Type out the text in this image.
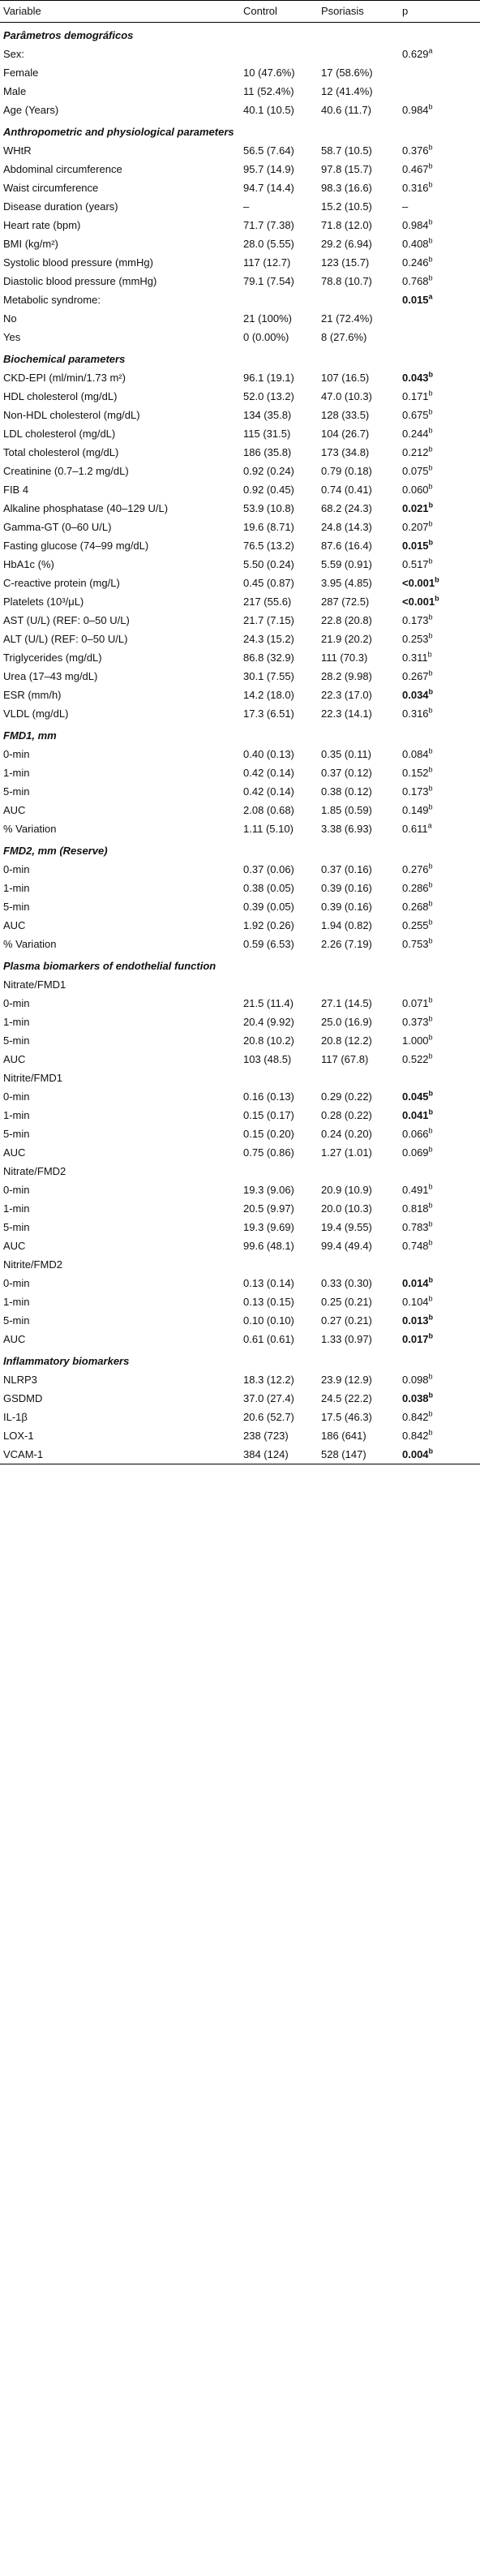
Variable	Control	Psoriasis	p
Parâmetros demográficos			
Sex:			0.629$^a$
Female	10 (47.6%)	17 (58.6%)	
Male	11 (52.4%)	12 (41.4%)	
Age (Years)	40.1 (10.5)	40.6 (11.7)	0.984$^b$
Anthropometric and physiological parameters			
WHtR	56.5 (7.64)	58.7 (10.5)	0.376$^b$
Abdominal circumference	95.7 (14.9)	97.8 (15.7)	0.467$^b$
Waist circumference	94.7 (14.4)	98.3 (16.6)	0.316$^b$
Disease duration (years)	–	15.2 (10.5)	–
Heart rate (bpm)	71.7 (7.38)	71.8 (12.0)	0.984$^b$
BMI (kg/m²)	28.0 (5.55)	29.2 (6.94)	0.408$^b$
Systolic blood pressure (mmHg)	117 (12.7)	123 (15.7)	0.246$^b$
Diastolic blood pressure (mmHg)	79.1 (7.54)	78.8 (10.7)	0.768$^b$
Metabolic syndrome:			0.015$^a$
No	21 (100%)	21 (72.4%)	
Yes	0 (0.00%)	8 (27.6%)	
Biochemical parameters			
CKD-EPI (ml/min/1.73 m²)	96.1 (19.1)	107 (16.5)	0.043$^b$
HDL cholesterol (mg/dL)	52.0 (13.2)	47.0 (10.3)	0.171$^b$
Non-HDL cholesterol (mg/dL)	134 (35.8)	128 (33.5)	0.675$^b$
LDL cholesterol (mg/dL)	115 (31.5)	104 (26.7)	0.244$^b$
Total cholesterol (mg/dL)	186 (35.8)	173 (34.8)	0.212$^b$
Creatinine (0.7–1.2 mg/dL)	0.92 (0.24)	0.79 (0.18)	0.075$^b$
FIB 4	0.92 (0.45)	0.74 (0.41)	0.060$^b$
Alkaline phosphatase (40–129 U/L)	53.9 (10.8)	68.2 (24.3)	0.021$^b$
Gamma-GT (0–60 U/L)	19.6 (8.71)	24.8 (14.3)	0.207$^b$
Fasting glucose (74–99 mg/dL)	76.5 (13.2)	87.6 (16.4)	0.015$^b$
HbA1c (%)	5.50 (0.24)	5.59 (0.91)	0.517$^b$
C-reactive protein (mg/L)	0.45 (0.87)	3.95 (4.85)	<0.001$^b$
Platelets (10³/μL)	217 (55.6)	287 (72.5)	<0.001$^b$
AST (U/L) (REF: 0–50 U/L)	21.7 (7.15)	22.8 (20.8)	0.173$^b$
ALT (U/L) (REF: 0–50 U/L)	24.3 (15.2)	21.9 (20.2)	0.253$^b$
Triglycerides (mg/dL)	86.8 (32.9)	111 (70.3)	0.311$^b$
Urea (17–43 mg/dL)	30.1 (7.55)	28.2 (9.98)	0.267$^b$
ESR (mm/h)	14.2 (18.0)	22.3 (17.0)	0.034$^b$
VLDL (mg/dL)	17.3 (6.51)	22.3 (14.1)	0.316$^b$
FMD1, mm			
0-min	0.40 (0.13)	0.35 (0.11)	0.084$^b$
1-min	0.42 (0.14)	0.37 (0.12)	0.152$^b$
5-min	0.42 (0.14)	0.38 (0.12)	0.173$^b$
AUC	2.08 (0.68)	1.85 (0.59)	0.149$^b$
% Variation	1.11 (5.10)	3.38 (6.93)	0.611$^a$
FMD2, mm (Reserve)			
0-min	0.37 (0.06)	0.37 (0.16)	0.276$^b$
1-min	0.38 (0.05)	0.39 (0.16)	0.286$^b$
5-min	0.39 (0.05)	0.39 (0.16)	0.268$^b$
AUC	1.92 (0.26)	1.94 (0.82)	0.255$^b$
% Variation	0.59 (6.53)	2.26 (7.19)	0.753$^b$
Plasma biomarkers of endothelial function			
Nitrate/FMD1			
0-min	21.5 (11.4)	27.1 (14.5)	0.071$^b$
1-min	20.4 (9.92)	25.0 (16.9)	0.373$^b$
5-min	20.8 (10.2)	20.8 (12.2)	1.000$^b$
AUC	103 (48.5)	117 (67.8)	0.522$^b$
Nitrite/FMD1			
0-min	0.16 (0.13)	0.29 (0.22)	0.045$^b$
1-min	0.15 (0.17)	0.28 (0.22)	0.041$^b$
5-min	0.15 (0.20)	0.24 (0.20)	0.066$^b$
AUC	0.75 (0.86)	1.27 (1.01)	0.069$^b$
Nitrate/FMD2			
0-min	19.3 (9.06)	20.9 (10.9)	0.491$^b$
1-min	20.5 (9.97)	20.0 (10.3)	0.818$^b$
5-min	19.3 (9.69)	19.4 (9.55)	0.783$^b$
AUC	99.6 (48.1)	99.4 (49.4)	0.748$^b$
Nitrite/FMD2			
0-min	0.13 (0.14)	0.33 (0.30)	0.014$^b$
1-min	0.13 (0.15)	0.25 (0.21)	0.104$^b$
5-min	0.10 (0.10)	0.27 (0.21)	0.013$^b$
AUC	0.61 (0.61)	1.33 (0.97)	0.017$^b$
Inflammatory biomarkers			
NLRP3	18.3 (12.2)	23.9 (12.9)	0.098$^b$
GSDMD	37.0 (27.4)	24.5 (22.2)	0.038$^b$
IL-1β	20.6 (52.7)	17.5 (46.3)	0.842$^b$
LOX-1	238 (723)	186 (641)	0.842$^b$
VCAM-1	384 (124)	528 (147)	0.004$^b$
